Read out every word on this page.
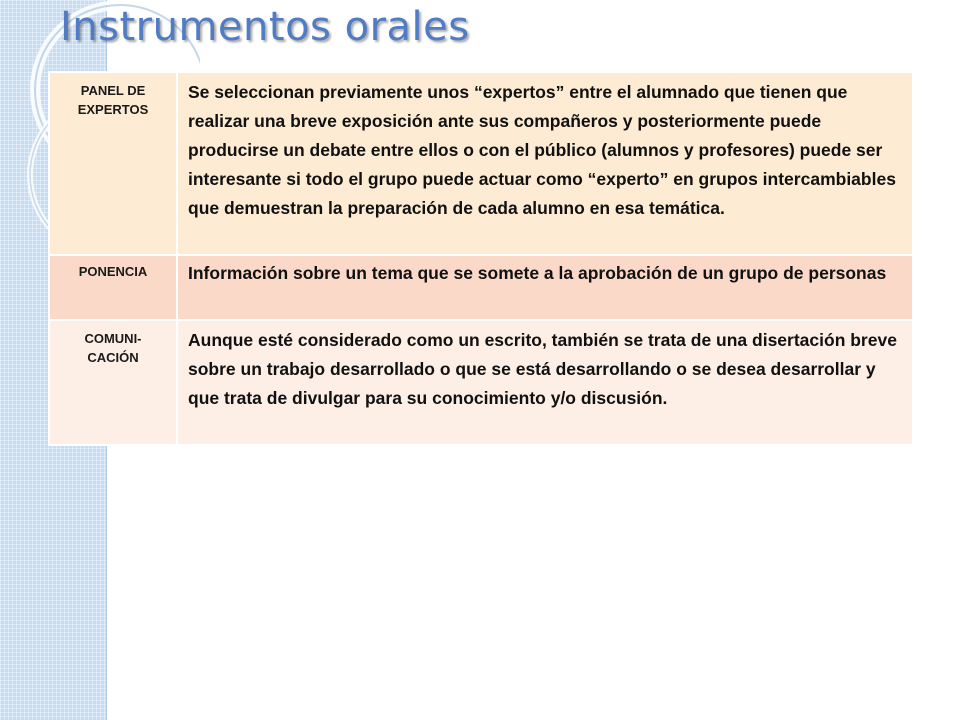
Instrumentos orales
PANEL DE
EXPERTOS	Se seleccionan previamente unos “expertos” entre el alumnado que tienen que realizar una breve exposición ante sus compañeros y posteriormente puede producirse un debate entre ellos o con el público (alumnos y profesores) puede ser interesante si todo el grupo puede actuar como “experto” en grupos intercambiables que demuestran la preparación de cada alumno en esa temática.
PONENCIA	Información sobre un tema que se somete a la aprobación de un grupo de personas
COMUNI-
CACIÓN	Aunque esté considerado como un escrito, también se trata de una disertación breve sobre un trabajo desarrollado o que se está desarrollando o se desea desarrollar y que trata de divulgar para su conocimiento y/o discusión.
